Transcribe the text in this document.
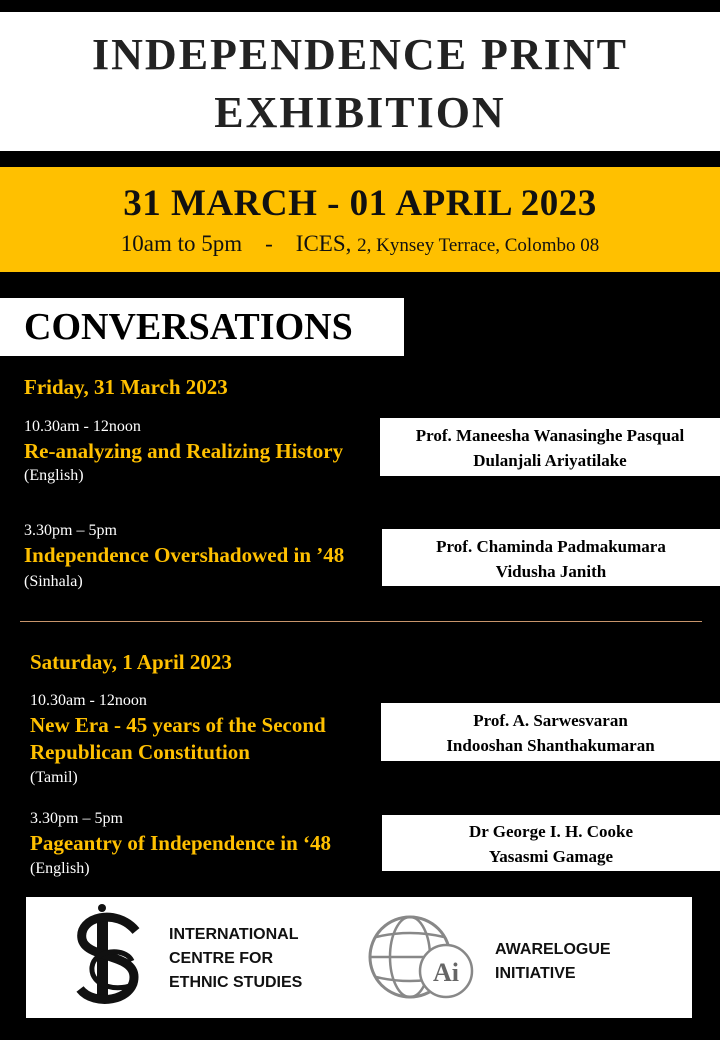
INDEPENDENCE PRINT
EXHIBITION
31 MARCH - 01 APRIL 2023
10am to 5pm - ICES, 2, Kynsey Terrace, Colombo 08
CONVERSATIONS
Friday, 31 March 2023
10.30am - 12noon
Re-analyzing and Realizing History
(English)
Prof. Maneesha Wanasinghe Pasqual
Dulanjali Ariyatilake
3.30pm – 5pm
Independence Overshadowed in ’48
(Sinhala)
Prof. Chaminda Padmakumara
Vidusha Janith
Saturday, 1 April 2023
10.30am - 12noon
New Era - 45 years of the Second
Republican Constitution
(Tamil)
Prof. A. Sarwesvaran
Indooshan Shanthakumaran
3.30pm – 5pm
Pageantry of Independence in ‘48
(English)
Dr George I. H. Cooke
Yasasmi Gamage
INTERNATIONAL
CENTRE FOR
ETHNIC STUDIES	Ai
AWARELOGUE
INITIATIVE
